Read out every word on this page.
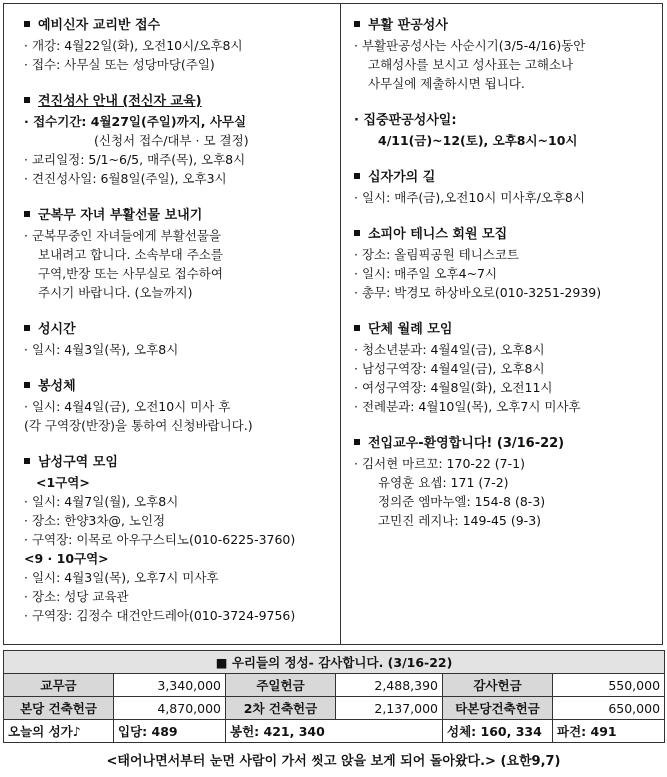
예비신자 교리반 접수
· 개강: 4월22일(화), 오전10시/오후8시
· 접수: 사무실 또는 성당마당(주일)
견진성사 안내 (전신자 교육)
· 접수기간: 4월27일(주일)까지, 사무실
(신청서 접수/대부 · 모 결정)
· 교리일정: 5/1~6/5, 매주(목), 오후8시
· 견진성사일: 6월8일(주일), 오후3시
군복무 자녀 부활선물 보내기
· 군복무중인 자녀들에게 부활선물을
보내려고 합니다. 소속부대 주소를
구역,반장 또는 사무실로 접수하여
주시기 바랍니다. (오늘까지)
성시간
· 일시: 4월3일(목), 오후8시
봉성체
· 일시: 4월4일(금), 오전10시 미사 후
(각 구역장(반장)을 통하여 신청바랍니다.)
남성구역 모임
<1구역>
· 일시: 4월7일(월), 오후8시
· 장소: 한양3차@, 노인정
· 구역장: 이목로 아우구스티노(010-6225-3760)
<9 · 10구역>
· 일시: 4월3일(목), 오후7시 미사후
· 장소: 성당 교육관
· 구역장: 김정수 대건안드레아(010-3724-9756)
부활 판공성사
· 부활판공성사는 사순시기(3/5-4/16)동안
고해성사를 보시고 성사표는 고해소나
사무실에 제출하시면 됩니다.
· 집중판공성사일:
4/11(금)~12(토), 오후8시~10시
십자가의 길
· 일시: 매주(금),오전10시 미사후/오후8시
소피아 테니스 회원 모집
· 장소: 올림픽공원 테니스코트
· 일시: 매주일 오후4~7시
· 총무: 박경모 하상바오로(010-3251-2939)
단체 월례 모임
· 청소년분과: 4월4일(금), 오후8시
· 남성구역장: 4월4일(금), 오후8시
· 여성구역장: 4월8일(화), 오전11시
· 전례분과: 4월10일(목), 오후7시 미사후
전입교우-환영합니다! (3/16-22)
· 김서현 마르꼬: 170-22 (7-1)
유영훈 요셉: 171 (7-2)
정의준 엠마누엘: 154-8 (8-3)
고민진 레지나: 149-45 (9-3)
■ 우리들의 정성- 감사합니다. (3/16-22)					
교무금	3,340,000	주일헌금	2,488,390	감사헌금	550,000
본당 건축헌금	4,870,000	2차 건축헌금	2,137,000	타본당건축헌금	650,000
오늘의 성가♪	입당: 489	봉헌: 421, 340		성체: 160, 334	파견: 491
<태어나면서부터 눈먼 사람이 가서 씻고 앉을 보게 되어 돌아왔다.> (요한9,7)
